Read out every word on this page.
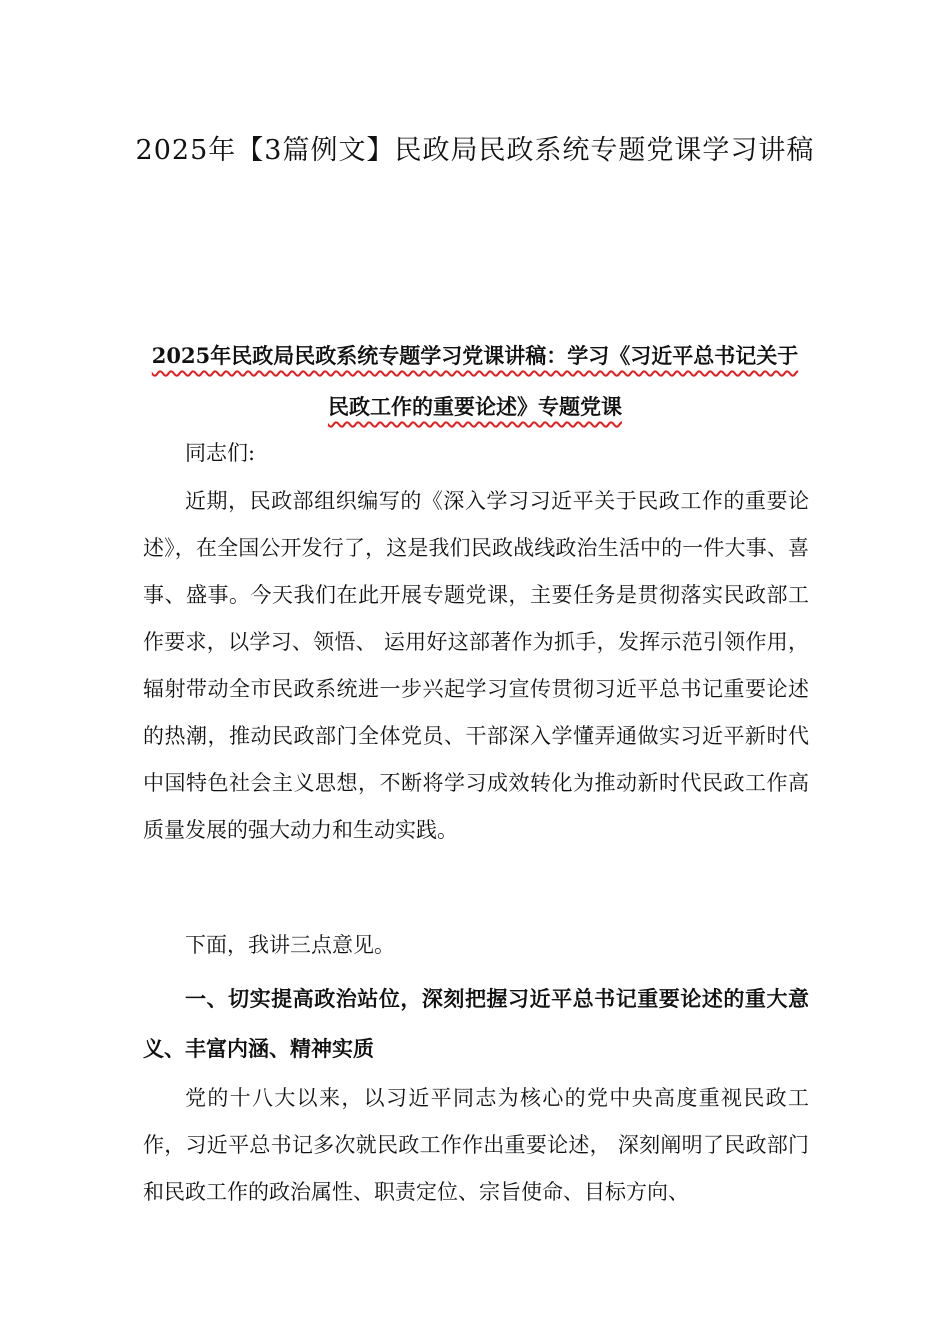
2025年【3篇例文】民政局民政系统专题党课学习讲稿
2025年民政局民政系统专题学习党课讲稿：学习《习近平总书记关于民政工作的重要论述》专题党课

同志们:

近期，民政部组织编写的《深入学习习近平关于民政工作的重要论述》，在全国公开发行了，这是我们民政战线政治生活中的一件大事、喜事、盛事。今天我们在此开展专题党课，主要任务是贯彻落实民政部工作要求，以学习、领悟、 运用好这部著作为抓手，发挥示范引领作用，辐射带动全市民政系统进一步兴起学习宣传贯彻习近平总书记重要论述的热潮，推动民政部门全体党员、干部深入学懂弄通做实习近平新时代中国特色社会主义思想，不断将学习成效转化为推动新时代民政工作高质量发展的强大动力和生动实践。

下面，我讲三点意见。

一、切实提高政治站位，深刻把握习近平总书记重要论述的重大意义、丰富内涵、精神实质

党的十八大以来，以习近平同志为核心的党中央高度重视民政工作，习近平总书记多次就民政工作作出重要论述， 深刻阐明了民政部门和民政工作的政治属性、职责定位、宗旨使命、目标方向、
